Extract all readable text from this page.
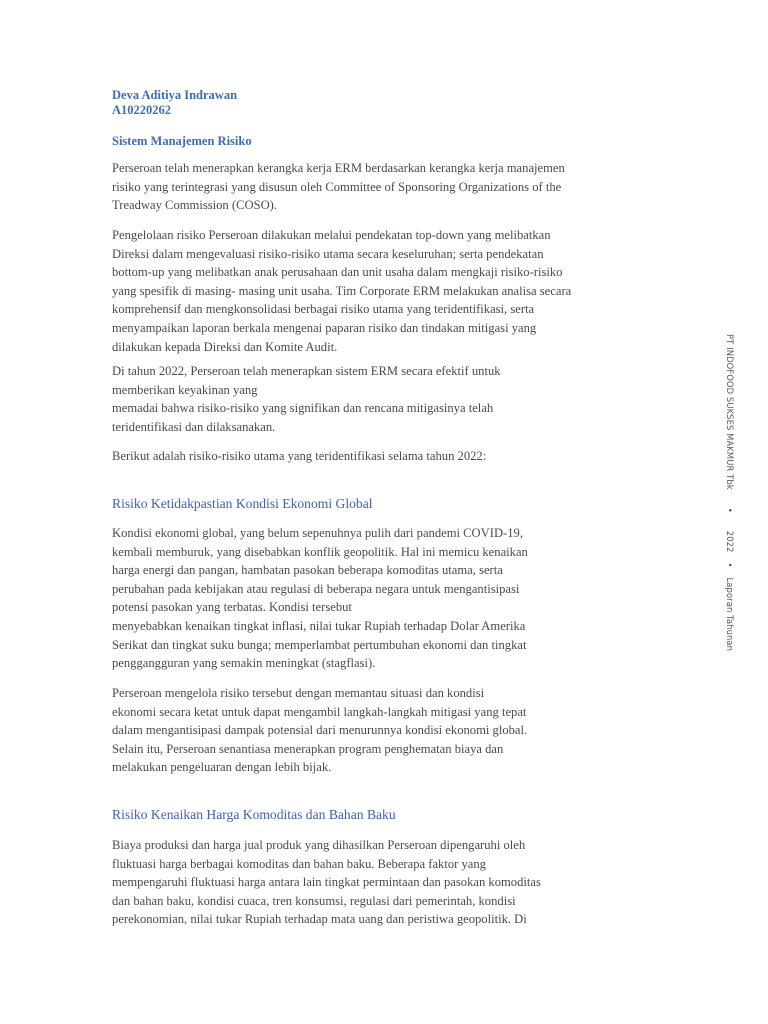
Deva Aditiya Indrawan
A10220262
Sistem Manajemen Risiko
Perseroan telah menerapkan kerangka kerja ERM berdasarkan kerangka kerja manajemen
risiko yang terintegrasi yang disusun oleh Committee of Sponsoring Organizations of the
Treadway Commission (COSO).
Pengelolaan risiko Perseroan dilakukan melalui pendekatan top-down yang melibatkan
Direksi dalam mengevaluasi risiko-risiko utama secara keseluruhan; serta pendekatan
bottom-up yang melibatkan anak perusahaan dan unit usaha dalam mengkaji risiko-risiko
yang spesifik di masing- masing unit usaha. Tim Corporate ERM melakukan analisa secara
komprehensif dan mengkonsolidasi berbagai risiko utama yang teridentifikasi, serta
menyampaikan laporan berkala mengenai paparan risiko dan tindakan mitigasi yang
dilakukan kepada Direksi dan Komite Audit.
Di tahun 2022, Perseroan telah menerapkan sistem ERM secara efektif untuk
memberikan keyakinan yang
memadai bahwa risiko-risiko yang signifikan dan rencana mitigasinya telah
teridentifikasi dan dilaksanakan.
Berikut adalah risiko-risiko utama yang teridentifikasi selama tahun 2022:
Risiko Ketidakpastian Kondisi Ekonomi Global
Kondisi ekonomi global, yang belum sepenuhnya pulih dari pandemi COVID-19,
kembali memburuk, yang disebabkan konflik geopolitik. Hal ini memicu kenaikan
harga energi dan pangan, hambatan pasokan beberapa komoditas utama, serta
perubahan pada kebijakan atau regulasi di beberapa negara untuk mengantisipasi
potensi pasokan yang terbatas. Kondisi tersebut
menyebabkan kenaikan tingkat inflasi, nilai tukar Rupiah terhadap Dolar Amerika
Serikat dan tingkat suku bunga; memperlambat pertumbuhan ekonomi dan tingkat
penggangguran yang semakin meningkat (stagflasi).
Perseroan mengelola risiko tersebut dengan memantau situasi dan kondisi
ekonomi secara ketat untuk dapat mengambil langkah-langkah mitigasi yang tepat
dalam mengantisipasi dampak potensial dari menurunnya kondisi ekonomi global.
Selain itu, Perseroan senantiasa menerapkan program penghematan biaya dan
melakukan pengeluaran dengan lebih bijak.
Risiko Kenaikan Harga Komoditas dan Bahan Baku
Biaya produksi dan harga jual produk yang dihasilkan Perseroan dipengaruhi oleh
fluktuasi harga berbagai komoditas dan bahan baku. Beberapa faktor yang
mempengaruhi fluktuasi harga antara lain tingkat permintaan dan pasokan komoditas
dan bahan baku, kondisi cuaca, tren konsumsi, regulasi dari pemerintah, kondisi
perekonomian, nilai tukar Rupiah terhadap mata uang dan peristiwa geopolitik. Di
PT INDOFOOD SUKSES MAKMUR Tbk•2022•Laporan Tahunan
